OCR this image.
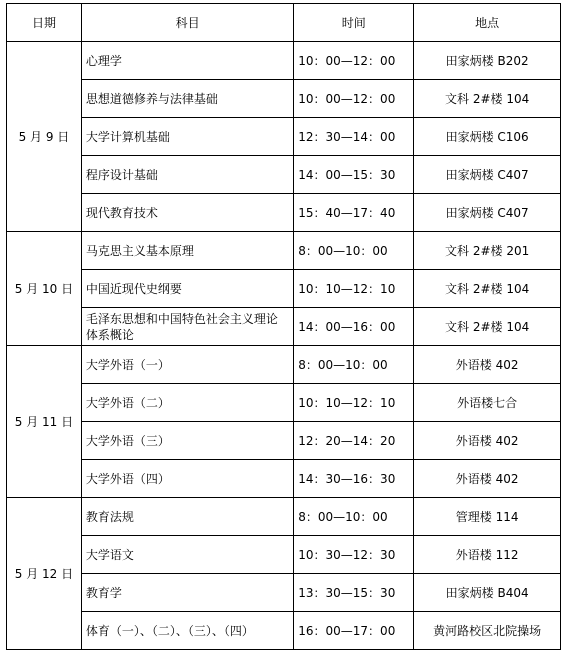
日期	科目	时间	地点
5 月 9 日	心理学	10：00—12：00	田家炳楼 B202
	思想道德修养与法律基础	10：00—12：00	文科 2#楼 104
	大学计算机基础	12：30—14：00	田家炳楼 C106
	程序设计基础	14：00—15：30	田家炳楼 C407
	现代教育技术	15：40—17：40	田家炳楼 C407
5 月 10 日	马克思主义基本原理	8：00—10：00	文科 2#楼 201
	中国近现代史纲要	10：10—12：10	文科 2#楼 104
	毛泽东思想和中国特色社会主义理论体系概论	14：00—16：00	文科 2#楼 104
5 月 11 日	大学外语（一）	8：00—10：00	外语楼 402
	大学外语（二）	10：10—12：10	外语楼七合
	大学外语（三）	12：20—14：20	外语楼 402
	大学外语（四）	14：30—16：30	外语楼 402
5 月 12 日	教育法规	8：00—10：00	管理楼 114
	大学语文	10：30—12：30	外语楼 112
	教育学	13：30—15：30	田家炳楼 B404
	体育（一）、（二）、（三）、（四）	16：00—17：00	黄河路校区北院操场
